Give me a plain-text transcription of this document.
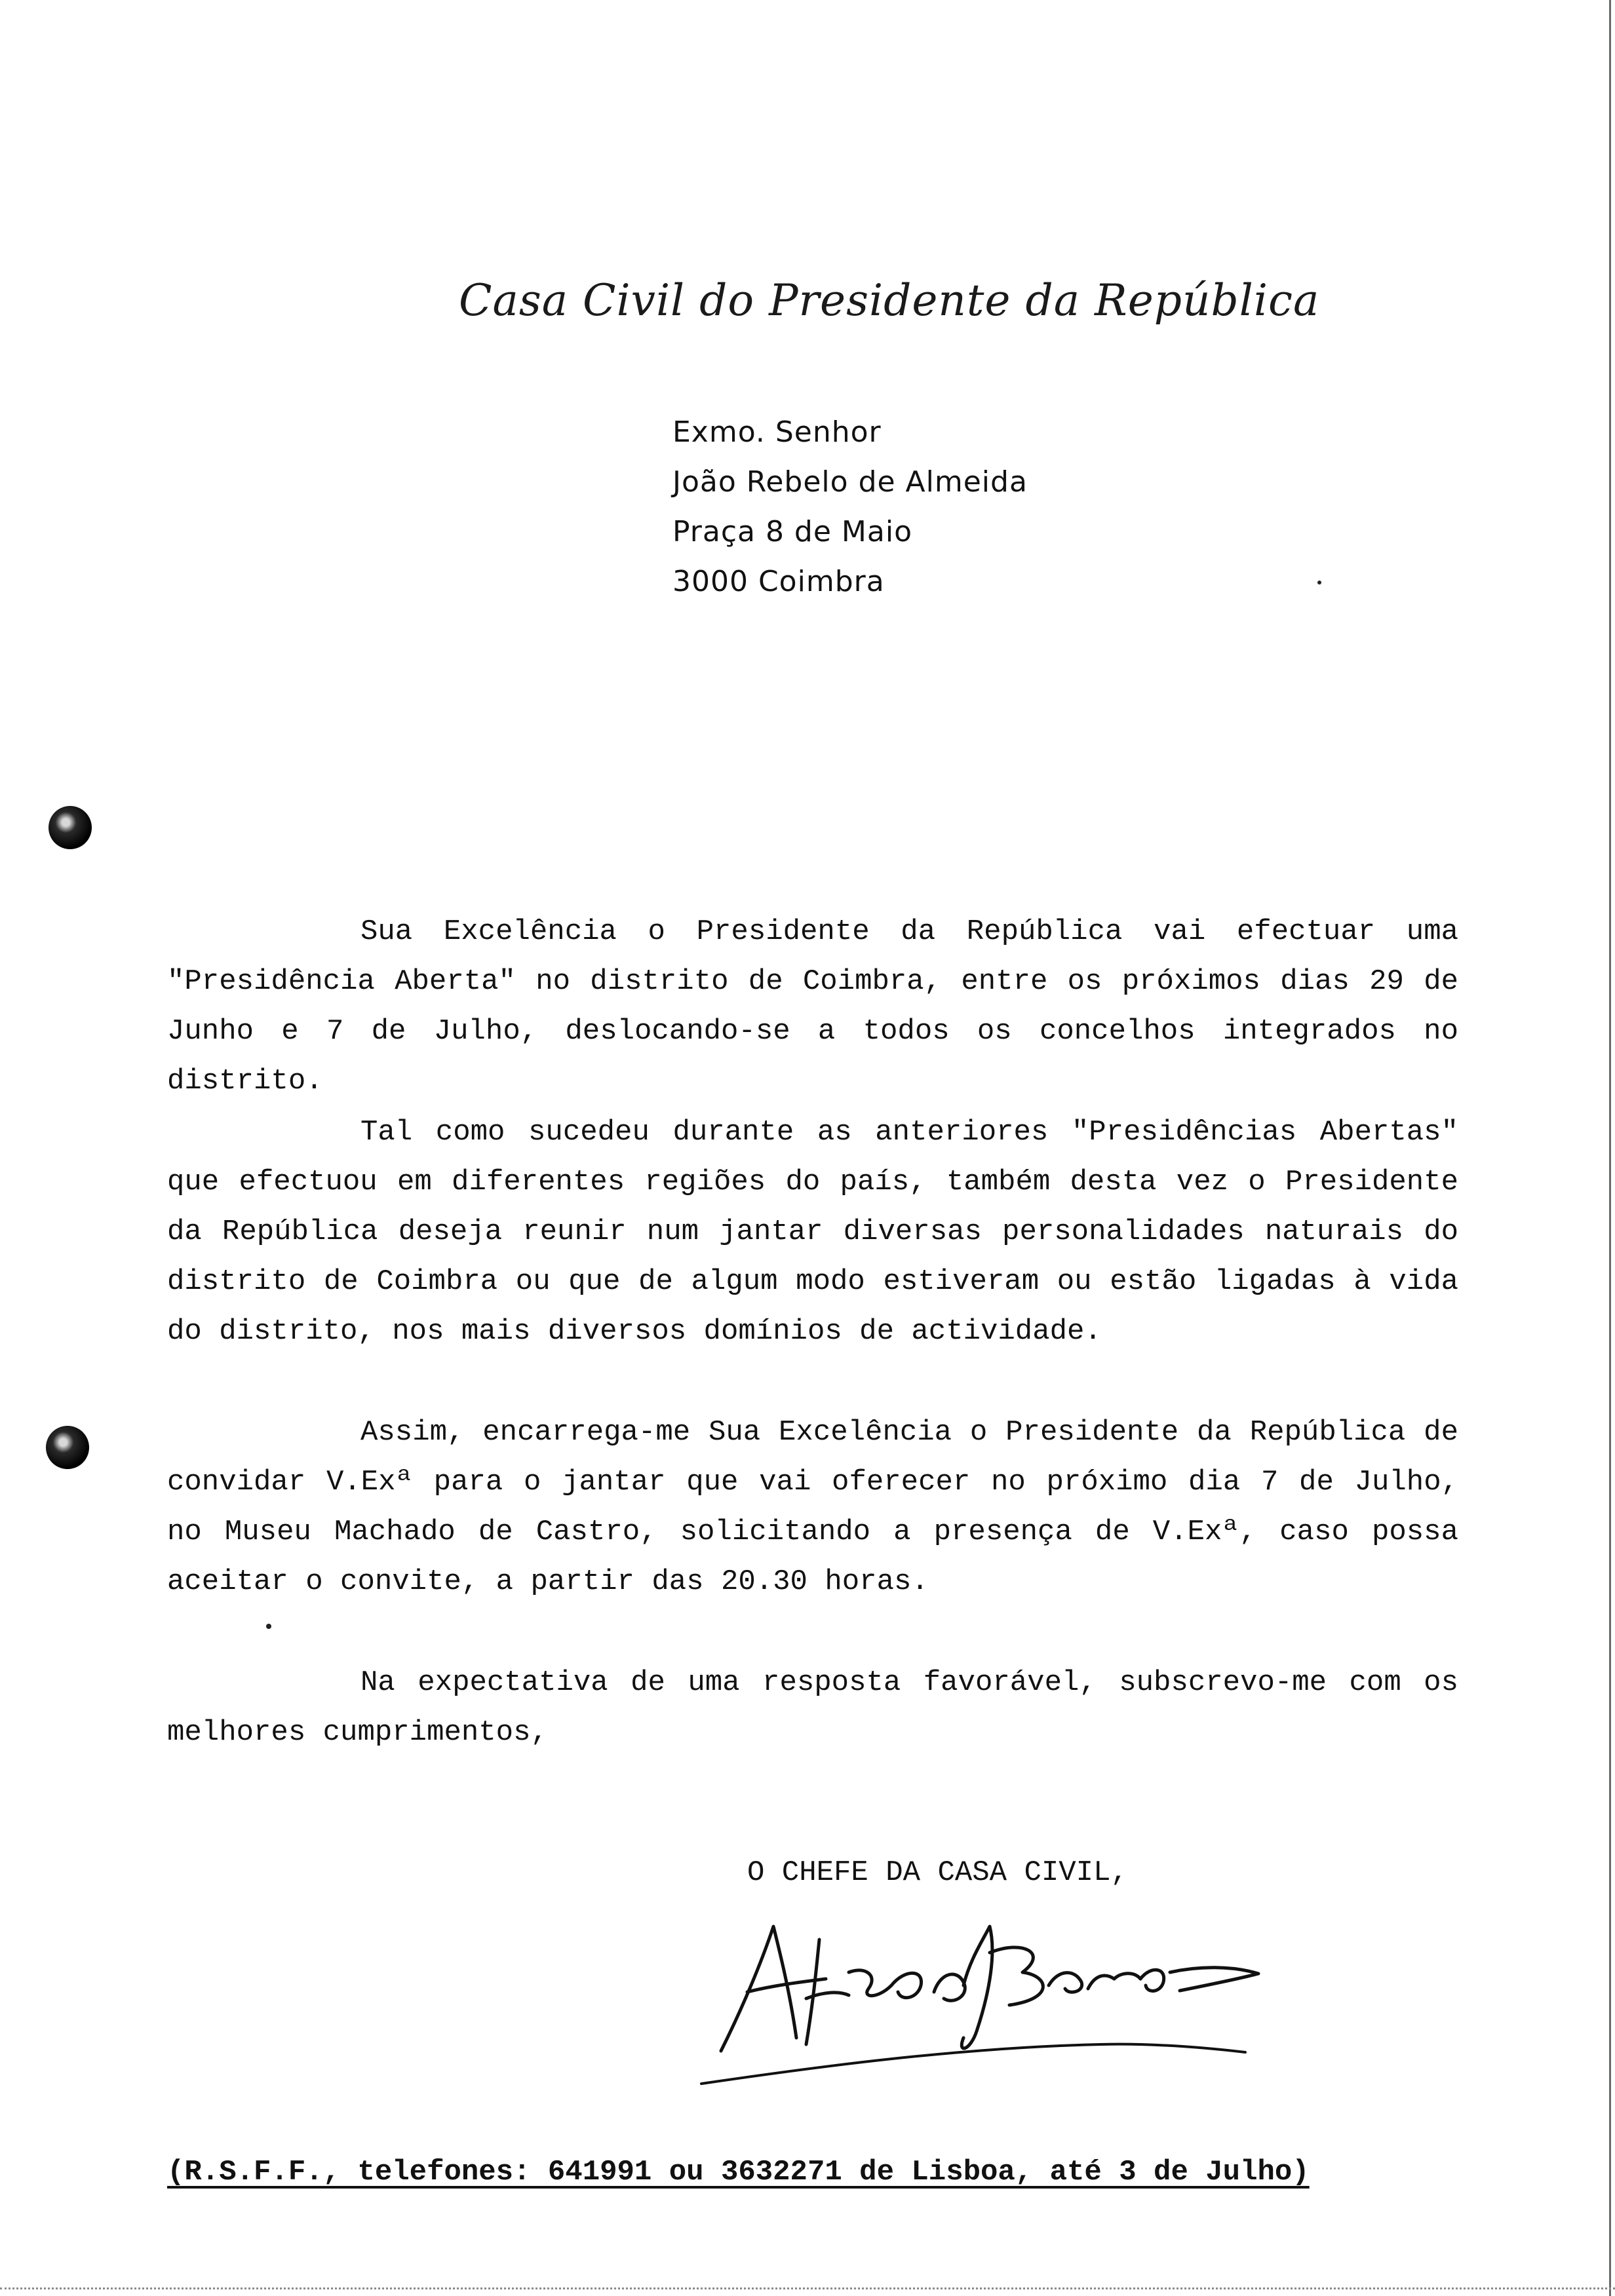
Casa Civil do Presidente da República
Exmo. Senhor
João Rebelo de Almeida
Praça 8 de Maio
3000 Coimbra

Sua Excelência o Presidente da República vai efectuar uma "Presidência Aberta" no distrito de Coimbra, entre os próximos dias 29 de Junho e 7 de Julho, deslocando-se a todos os concelhos integrados no distrito.

Tal como sucedeu durante as anteriores "Presidências Abertas" que efectuou em diferentes regiões do país, também desta vez o Presidente da República deseja reunir num jantar diversas personalidades naturais do distrito de Coimbra ou que de algum modo estiveram ou estão ligadas à vida do distrito, nos mais diversos domínios de actividade.

Assim, encarrega-me Sua Excelência o Presidente da República de convidar V.Exª para o jantar que vai oferecer no próximo dia 7 de Julho, no Museu Machado de Castro, solicitando a presença de V.Exª, caso possa aceitar o convite, a partir das 20.30 horas.

Na expectativa de uma resposta favorável, subscrevo-me com os melhores cumprimentos,

O CHEFE DA CASA CIVIL,
(R.S.F.F., telefones: 641991 ou 3632271 de Lisboa, até 3 de Julho)
